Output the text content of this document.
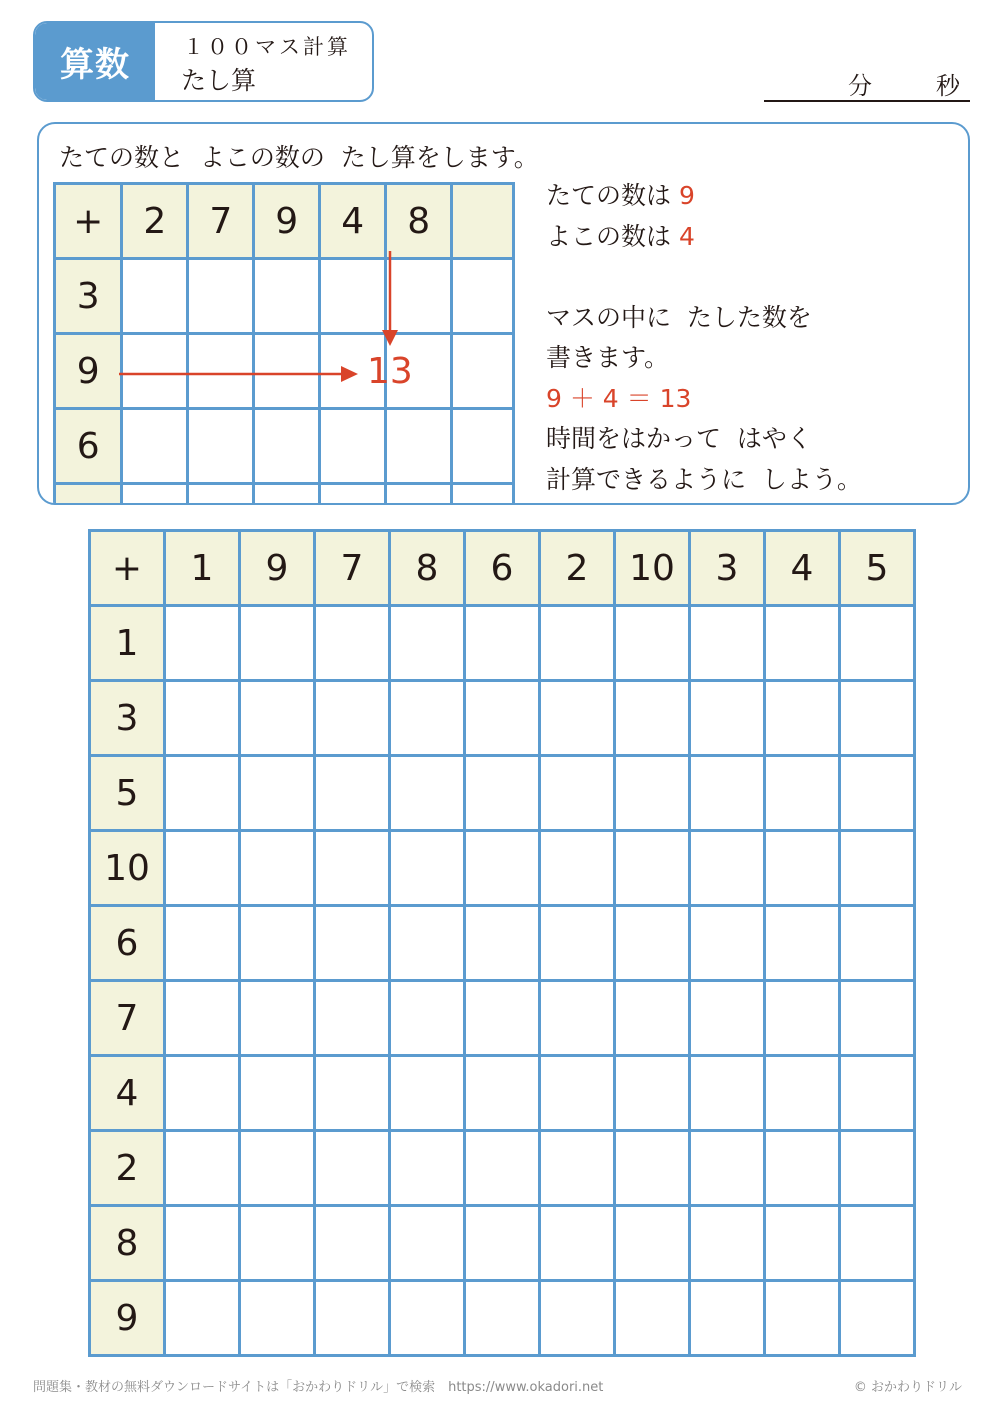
算数	１００マス計算
たし算	分	秒
たての数と  よこの数の  たし算をします。
+	2	7	9	4	8	
3						
9						
6						

13
たての数は 9
よこの数は 4

マスの中に  たした数を
書きます。
9 ＋ 4 ＝ 13
時間をはかって  はやく
計算できるように  しよう。
+	1	9	7	8	6	2	10	3	4	5
1										
3										
5										
10										
6										
7										
4										
2										
8										
9										
問題集・教材の無料ダウンロードサイトは「おかわりドリル」で検索　https://www.okadori.net	© おかわりドリル
